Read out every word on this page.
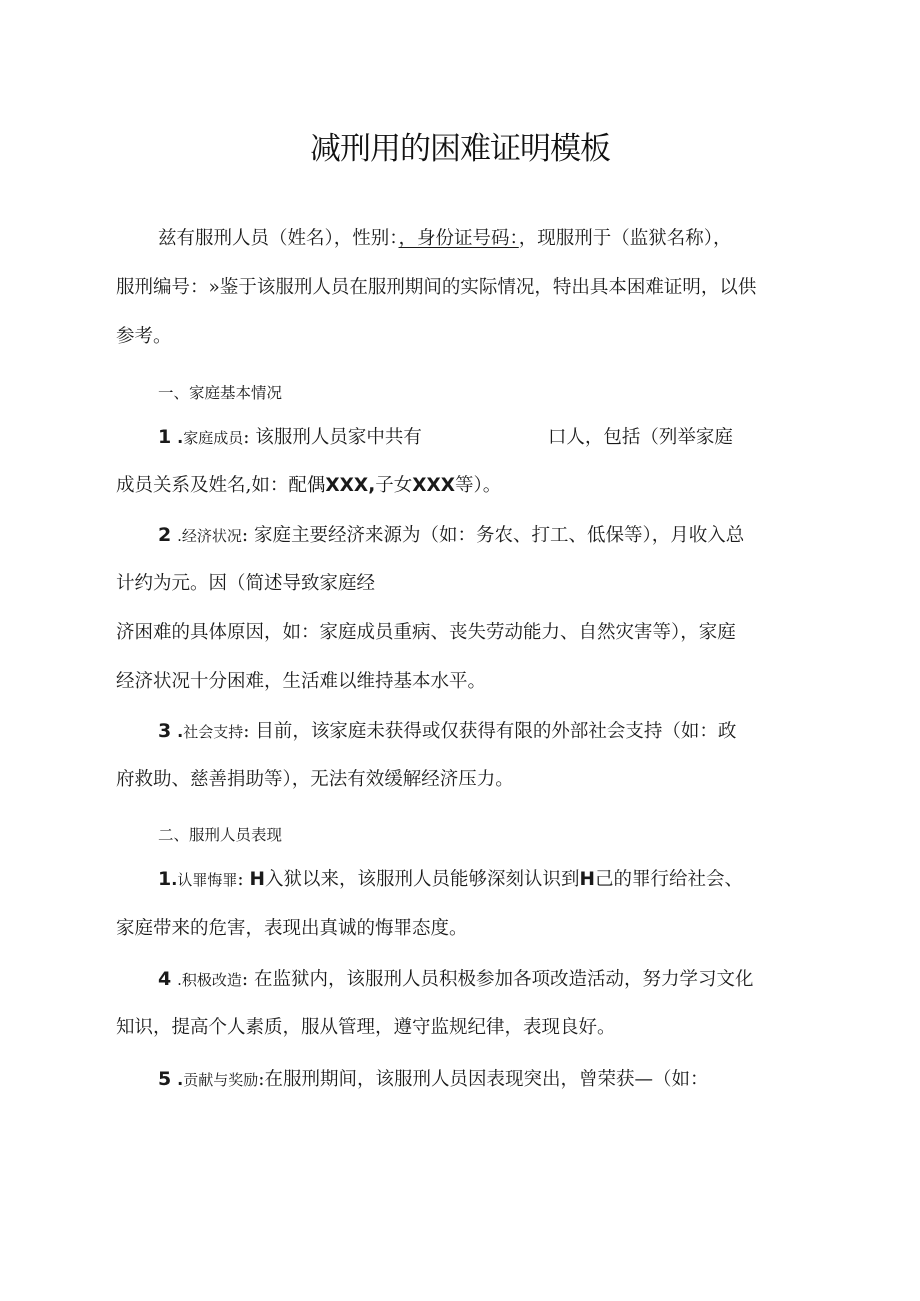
减刑用的困难证明模板
兹有服刑人员（姓名），性别：，身份证号码：，现服刑于（监狱名称），
服刑编号：»鉴于该服刑人员在服刑期间的实际情况，特出具本困难证明，以供
参考。
一、家庭基本情况
1 .家庭成员: 该服刑人员家中共有	口人，包括（列举家庭
成员关系及姓名,如：配偶XXX,子女XXX等）。
2 .经济状况: 家庭主要经济来源为（如：务农、打工、低保等），月收入总
计约为元。因（简述导致家庭经
济困难的具体原因，如：家庭成员重病、丧失劳动能力、自然灾害等），家庭
经济状况十分困难，生活难以维持基本水平。
3 .社会支持: 目前，该家庭未获得或仅获得有限的外部社会支持（如：政
府救助、慈善捐助等），无法有效缓解经济压力。
二、服刑人员表现
1.认罪悔罪: H入狱以来，该服刑人员能够深刻认识到H己的罪行给社会、
家庭带来的危害，表现出真诚的悔罪态度。
4 .积极改造: 在监狱内，该服刑人员积极参加各项改造活动，努力学习文化
知识，提高个人素质，服从管理，遵守监规纪律，表现良好。
5 .贡献与奖励:在服刑期间，该服刑人员因表现突出，曾荣获—（如：
